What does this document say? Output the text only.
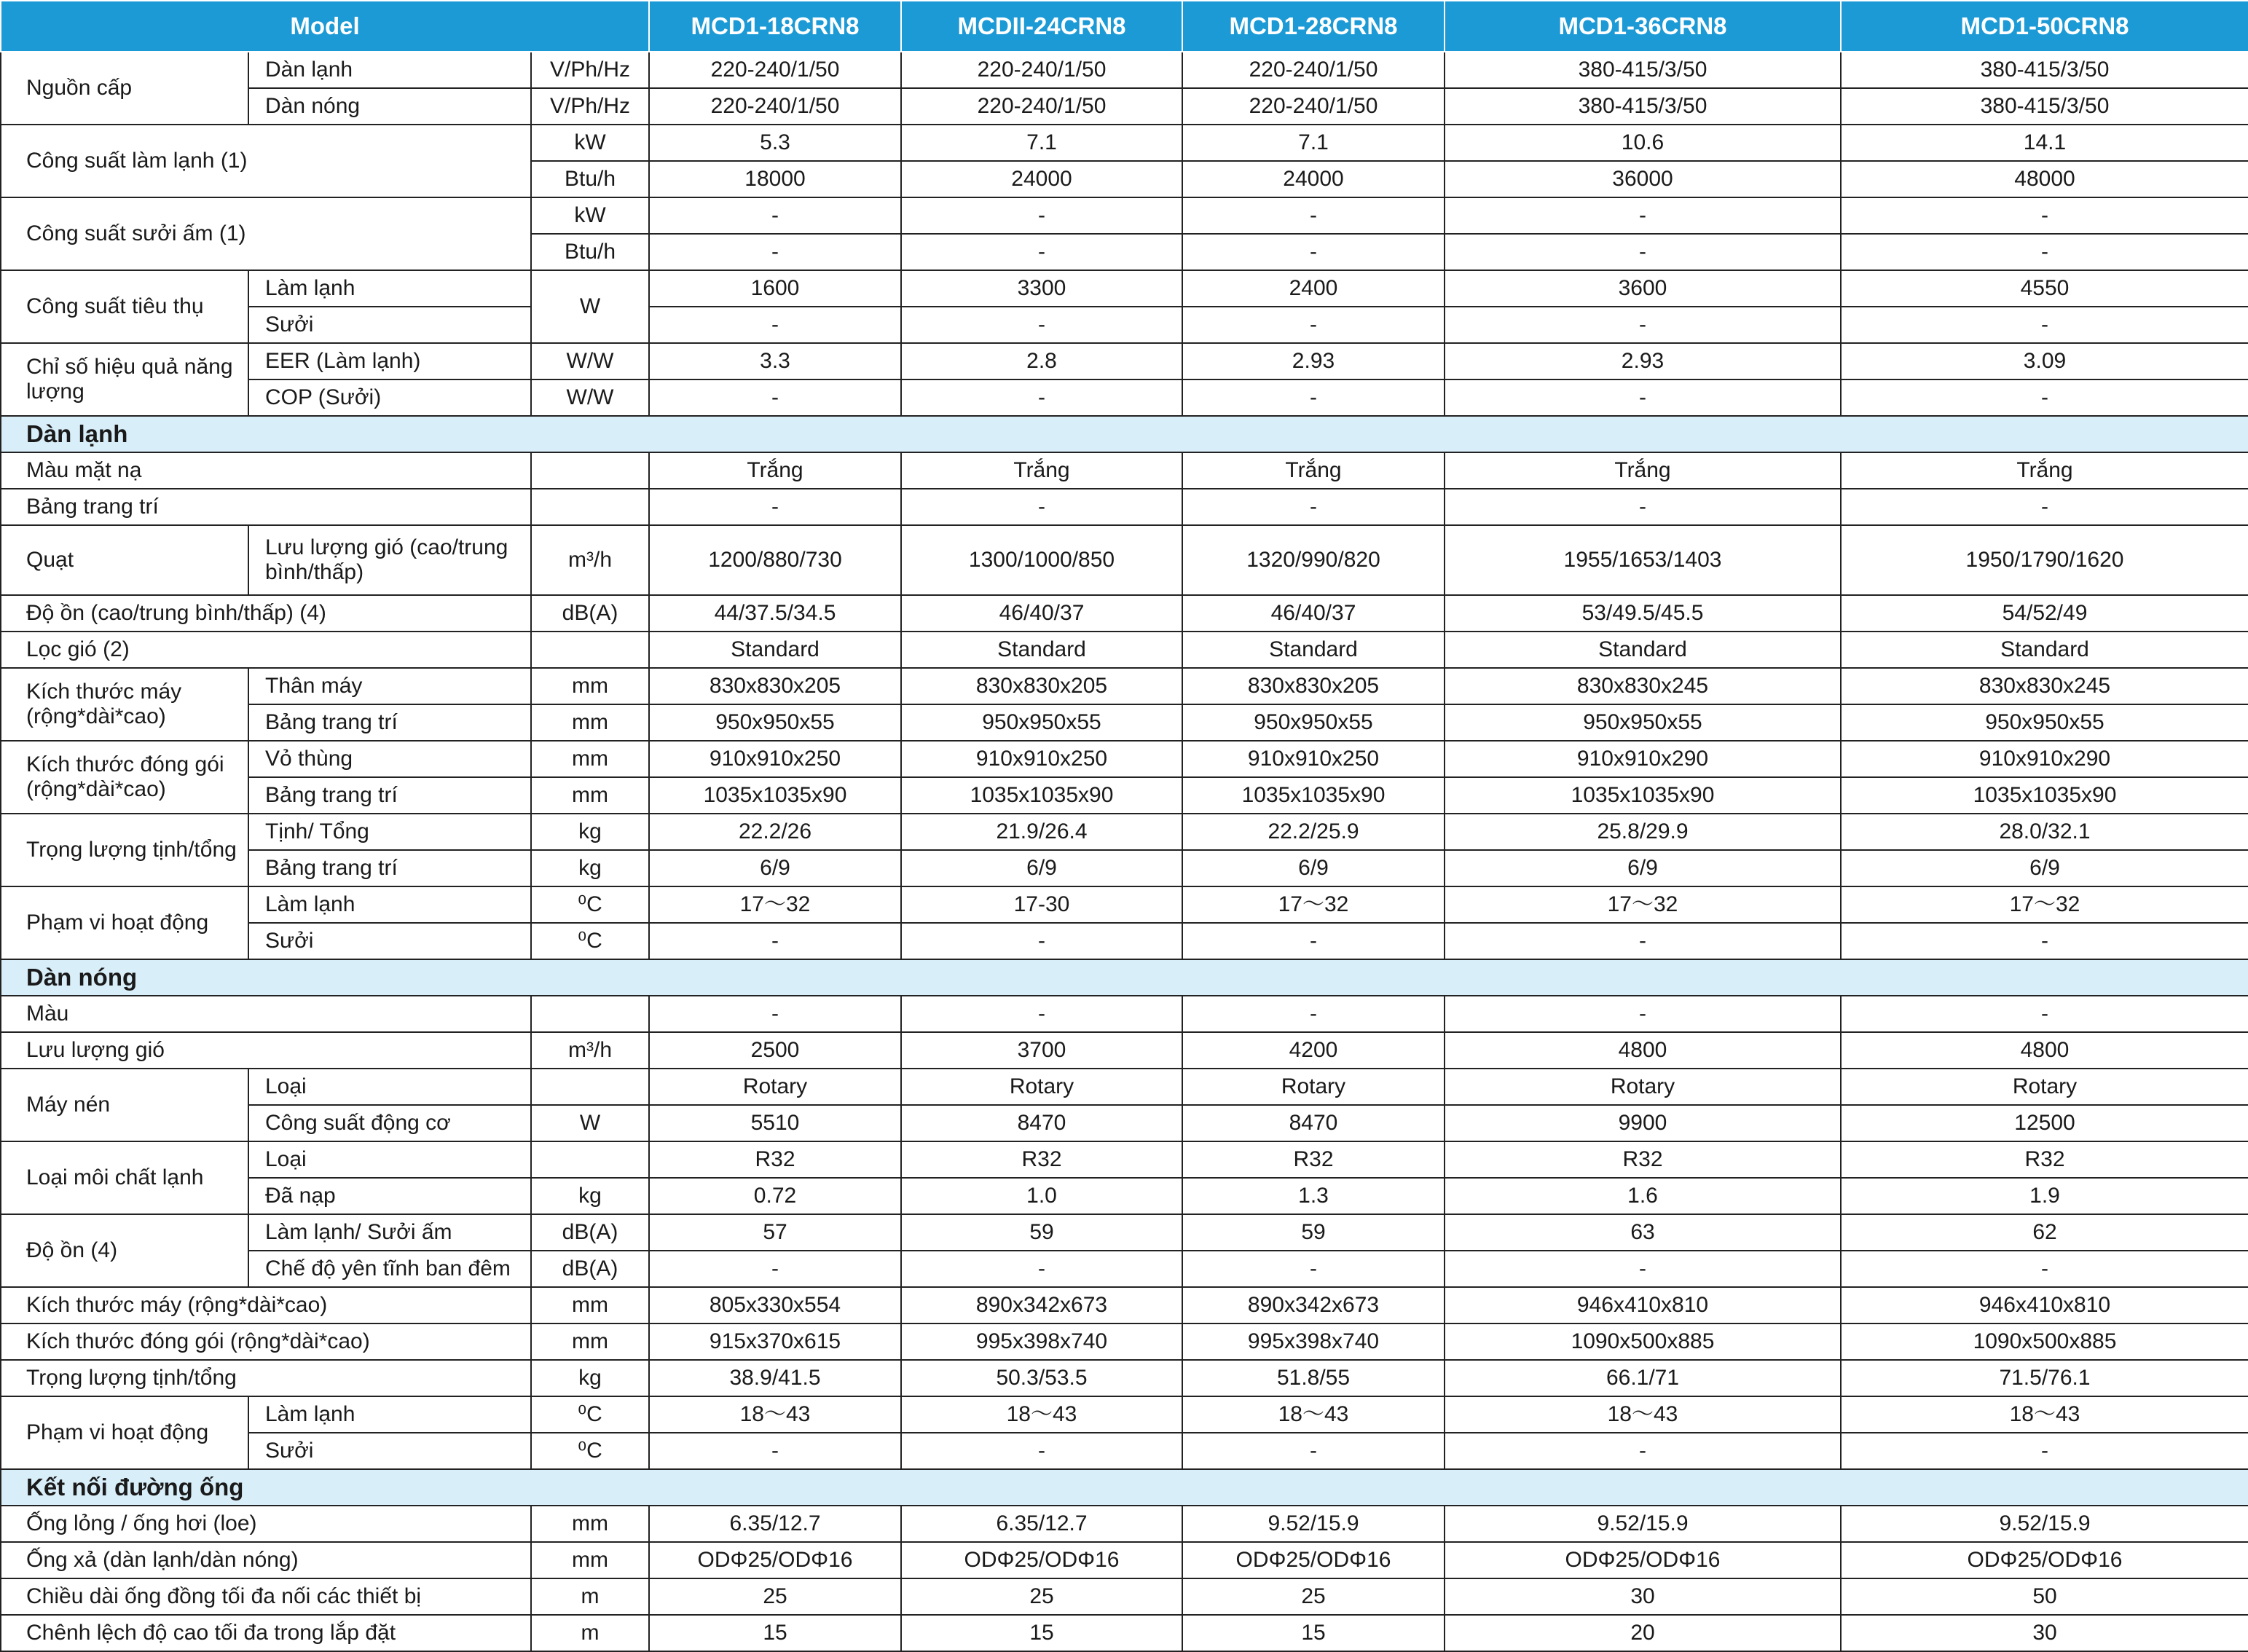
Model			MCD1-18CRN8	MCDII-24CRN8	MCD1-28CRN8	MCD1-36CRN8	MCD1-50CRN8
Nguồn cấp	Dàn lạnh	V/Ph/Hz	220-240/1/50	220-240/1/50	220-240/1/50	380-415/3/50	380-415/3/50
	Dàn nóng	V/Ph/Hz	220-240/1/50	220-240/1/50	220-240/1/50	380-415/3/50	380-415/3/50
Công suất làm lạnh (1)		kW	5.3	7.1	7.1	10.6	14.1
		Btu/h	18000	24000	24000	36000	48000
Công suất sưởi ấm (1)		kW	-	-	-	-	-
		Btu/h	-	-	-	-	-
Công suất tiêu thụ	Làm lạnh	W	1600	3300	2400	3600	4550
	Sưởi		-	-	-	-	-
Chỉ số hiệu quả năng lượng	EER (Làm lạnh)	W/W	3.3	2.8	2.93	2.93	3.09
	COP (Sưởi)	W/W	-	-	-	-	-
Dàn lạnh							
Màu mặt nạ			Trắng	Trắng	Trắng	Trắng	Trắng
Bảng trang trí			-	-	-	-	-
Quạt	Lưu lượng gió (cao/trung bình/thấp)	m³/h	1200/880/730	1300/1000/850	1320/990/820	1955/1653/1403	1950/1790/1620
Độ ồn (cao/trung bình/thấp) (4)		dB(A)	44/37.5/34.5	46/40/37	46/40/37	53/49.5/45.5	54/52/49
Lọc gió (2)			Standard	Standard	Standard	Standard	Standard
Kích thước máy (rộng*dài*cao)	Thân máy	mm	830x830x205	830x830x205	830x830x205	830x830x245	830x830x245
	Bảng trang trí	mm	950x950x55	950x950x55	950x950x55	950x950x55	950x950x55
Kích thước đóng gói (rộng*dài*cao)	Vỏ thùng	mm	910x910x250	910x910x250	910x910x250	910x910x290	910x910x290
	Bảng trang trí	mm	1035x1035x90	1035x1035x90	1035x1035x90	1035x1035x90	1035x1035x90
Trọng lượng tịnh/tổng	Tịnh/ Tổng	kg	22.2/26	21.9/26.4	22.2/25.9	25.8/29.9	28.0/32.1
	Bảng trang trí	kg	6/9	6/9	6/9	6/9	6/9
Phạm vi hoạt động	Làm lạnh	⁰C	17～32	17-30	17～32	17～32	17～32
	Sưởi	⁰C	-	-	-	-	-
Dàn nóng							
Màu			-	-	-	-	-
Lưu lượng gió		m³/h	2500	3700	4200	4800	4800
Máy nén	Loại		Rotary	Rotary	Rotary	Rotary	Rotary
	Công suất động cơ	W	5510	8470	8470	9900	12500
Loại môi chất lạnh	Loại		R32	R32	R32	R32	R32
	Đã nạp	kg	0.72	1.0	1.3	1.6	1.9
Độ ồn (4)	Làm lạnh/ Sưởi ấm	dB(A)	57	59	59	63	62
	Chế độ yên tĩnh ban đêm	dB(A)	-	-	-	-	-
Kích thước máy (rộng*dài*cao)		mm	805x330x554	890x342x673	890x342x673	946x410x810	946x410x810
Kích thước đóng gói (rộng*dài*cao)		mm	915x370x615	995x398x740	995x398x740	1090x500x885	1090x500x885
Trọng lượng tịnh/tổng		kg	38.9/41.5	50.3/53.5	51.8/55	66.1/71	71.5/76.1
Phạm vi hoạt động	Làm lạnh	⁰C	18～43	18～43	18～43	18～43	18～43
	Sưởi	⁰C	-	-	-	-	-
Kết nối đường ống							
Ống lỏng / ống hơi (loe)		mm	6.35/12.7	6.35/12.7	9.52/15.9	9.52/15.9	9.52/15.9
Ống xả (dàn lạnh/dàn nóng)		mm	ODΦ25/ODΦ16	ODΦ25/ODΦ16	ODΦ25/ODΦ16	ODΦ25/ODΦ16	ODΦ25/ODΦ16
Chiều dài ống đồng tối đa nối các thiết bị		m	25	25	25	30	50
Chênh lệch độ cao tối đa trong lắp đặt		m	15	15	15	20	30
